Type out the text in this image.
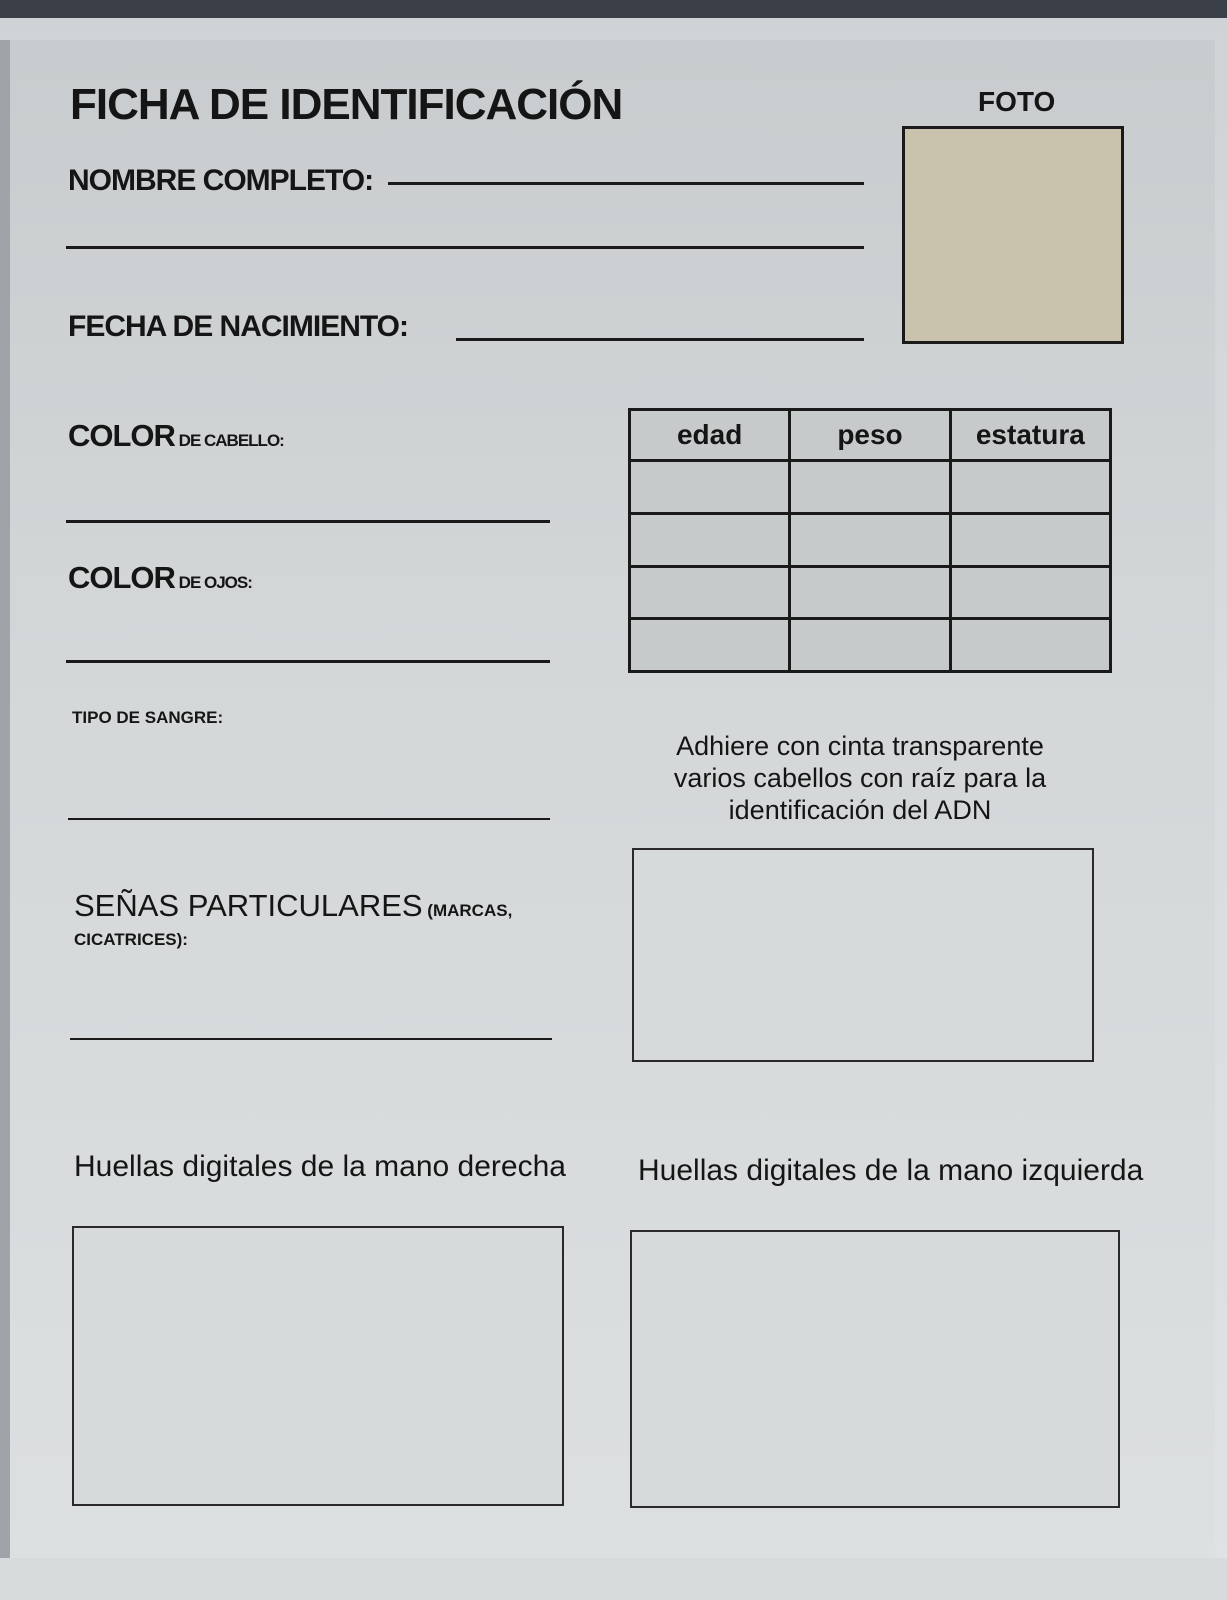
FICHA DE IDENTIFICACIÓN	FOTO
NOMBRE COMPLETO:
FECHA DE NACIMIENTO:
COLOR DE CABELLO:
COLOR DE OJOS:
TIPO DE SANGRE:
SEÑAS PARTICULARES (MARCAS,
CICATRICES):
edad	peso	estatura

Adhiere con cinta transparente
varios cabellos con raíz para la
identificación del ADN
Huellas digitales de la mano derecha Huellas digitales de la mano izquierda
